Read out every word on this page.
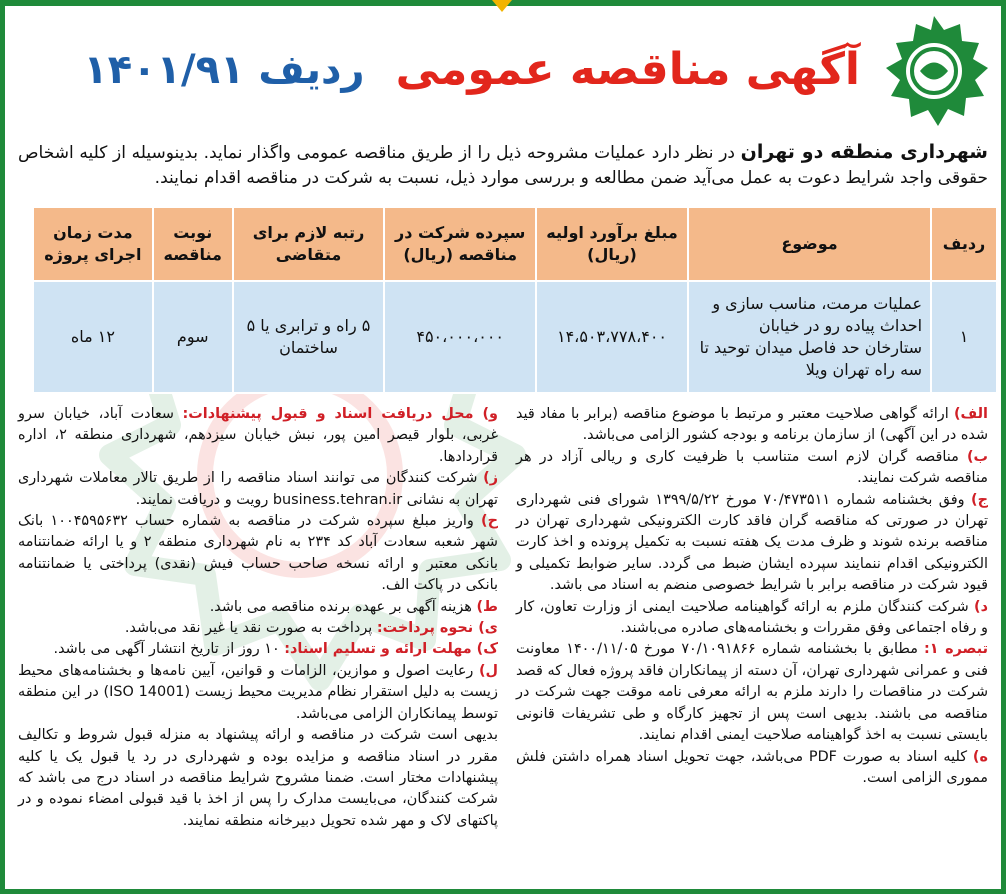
آگهی مناقصه عمومی ردیف ۱۴۰۱/۹۱
شهرداری منطقه دو تهران در نظر دارد عملیات مشروحه ذیل را از طریق مناقصه عمومی واگذار نماید. بدینوسیله از کلیه اشخاص حقوقی واجد شرایط دعوت به عمل می‌آید ضمن مطالعه و بررسی موارد ذیل، نسبت به شرکت در مناقصه اقدام نمایند.
ردیف	موضوع	مبلغ برآورد اولیه (ریال)	سپرده شرکت در مناقصه (ریال)	رتبه لازم برای متقاضی	نوبت مناقصه	مدت زمان اجرای پروژه
۱	عملیات مرمت، مناسب سازی و احداث پیاده رو در خیابان ستارخان حد فاصل میدان توحید تا سه راه تهران ویلا	۱۴،۵۰۳،۷۷۸،۴۰۰	۴۵۰،۰۰۰،۰۰۰	۵ راه و ترابری یا ۵ ساختمان	سوم	۱۲ ماه

الف) ارائه گواهی صلاحیت معتبر و مرتبط با موضوع مناقصه (برابر با مفاد قید شده در این آگهی) از سازمان برنامه و بودجه کشور الزامی می‌باشد.

ب) مناقصه گران لازم است متناسب با ظرفیت کاری و ریالی آزاد در هر مناقصه شرکت نمایند.

ج) وفق بخشنامه شماره ۷۰/۴۷۳۵۱۱ مورخ ۱۳۹۹/۵/۲۲ شورای فنی شهرداری تهران در صورتی که مناقصه گران فاقد کارت الکترونیکی شهرداری تهران در مناقصه برنده شوند و ظرف مدت یک هفته نسبت به تکمیل پرونده و اخذ کارت الکترونیکی اقدام ننمایند سپرده ایشان ضبط می گردد. سایر ضوابط تکمیلی و قیود شرکت در مناقصه برابر با شرایط خصوصی منضم به اسناد می باشد.

د) شرکت کنندگان ملزم به ارائه گواهینامه صلاحیت ایمنی از وزارت تعاون، کار و رفاه اجتماعی وفق مقررات و بخشنامه‌های صادره می‌باشند.

تبصره ۱: مطابق با بخشنامه شماره ۷۰/۱۰۹۱۸۶۶ مورخ ۱۴۰۰/۱۱/۰۵ معاونت فنی و عمرانی شهرداری تهران، آن دسته از پیمانکاران فاقد پروژه فعال که قصد شرکت در مناقصات را دارند ملزم به ارائه معرفی نامه موقت جهت شرکت در مناقصه می باشند. بدیهی است پس از تجهیز کارگاه و طی تشریفات قانونی بایستی نسبت به اخذ گواهینامه صلاحیت ایمنی اقدام نمایند.

ه) کلیه اسناد به صورت PDF می‌باشد، جهت تحویل اسناد همراه داشتن فلش مموری الزامی است.

و) محل دریافت اسناد و قبول پیشنهادات: سعادت آباد، خیابان سرو غربی، بلوار قیصر امین پور، نبش خیابان سیزدهم، شهرداری منطقه ۲، اداره قراردادها.

ز) شرکت کنندگان می توانند اسناد مناقصه را از طریق تالار معاملات شهرداری تهران به نشانی business.tehran.ir رویت و دریافت نمایند.

ح) واریز مبلغ سپرده شرکت در مناقصه به شماره حساب ۱۰۰۴۵۹۵۶۳۲ بانک شهر شعبه سعادت آباد کد ۲۳۴ به نام شهرداری منطقه ۲ و یا ارائه ضمانتنامه بانکی معتبر و ارائه نسخه صاحب حساب فیش (نقدی) پرداختی یا ضمانتنامه بانکی در پاکت الف.

ط) هزینه آگهی بر عهده برنده مناقصه می باشد.

ی) نحوه پرداخت: پرداخت به صورت نقد یا غیر نقد می‌باشد.

ک) مهلت ارائه و تسلیم اسناد: ۱۰ روز از تاریخ انتشار آگهی می باشد.

ل) رعایت اصول و موازین، الزامات و قوانین، آیین نامه‌ها و بخشنامه‌های محیط زیست به دلیل استقرار نظام مدیریت محیط زیست (ISO 14001) در این منطقه توسط پیمانکاران الزامی می‌باشد.

بدیهی است شرکت در مناقصه و ارائه پیشنهاد به منزله قبول شروط و تکالیف مقرر در اسناد مناقصه و مزایده بوده و شهرداری در رد یا قبول یک یا کلیه پیشنهادات مختار است. ضمنا مشروح شرایط مناقصه در اسناد درج می باشد که شرکت کنندگان، می‌بایست مدارک را پس از اخذ با قید قبولی امضاء نموده و در پاکتهای لاک و مهر شده تحویل دبیرخانه منطقه نمایند.
